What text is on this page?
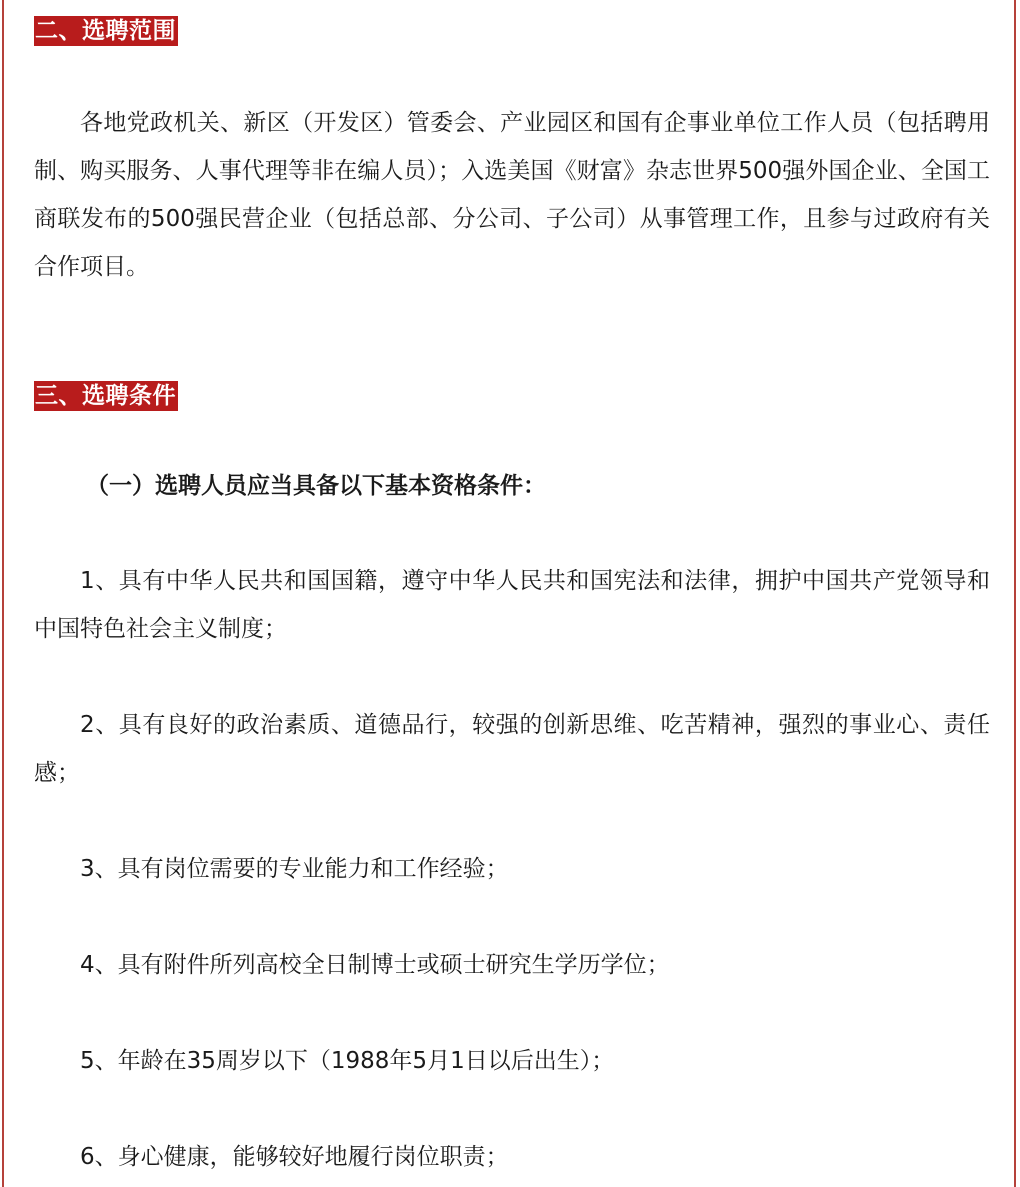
二、选聘范围

各地党政机关、新区（开发区）管委会、产业园区和国有企事业单位工作人员（包括聘用制、购买服务、人事代理等非在编人员）；入选美国《财富》杂志世界500强外国企业、全国工商联发布的500强民营企业（包括总部、分公司、子公司）从事管理工作，且参与过政府有关合作项目。

三、选聘条件

（一）选聘人员应当具备以下基本资格条件：

1、具有中华人民共和国国籍，遵守中华人民共和国宪法和法律，拥护中国共产党领导和中国特色社会主义制度；

2、具有良好的政治素质、道德品行，较强的创新思维、吃苦精神，强烈的事业心、责任感；

3、具有岗位需要的专业能力和工作经验；

4、具有附件所列高校全日制博士或硕士研究生学历学位；

5、年龄在35周岁以下（1988年5月1日以后出生）；

6、身心健康，能够较好地履行岗位职责；
